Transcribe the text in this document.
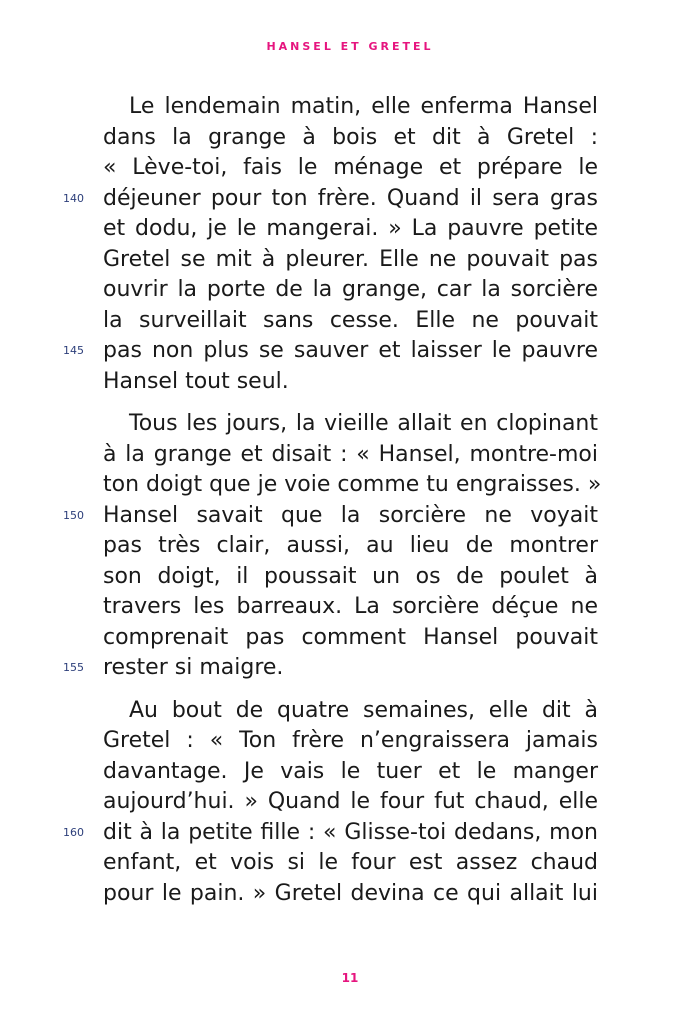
HANSEL ET GRETEL
Le lendemain matin, elle enferma Hansel
dans la grange à bois et dit à Gretel :
« Lève-toi, fais le ménage et prépare le
140 déjeuner pour ton frère. Quand il sera gras
et dodu, je le mangerai. » La pauvre petite
Gretel se mit à pleurer. Elle ne pouvait pas
ouvrir la porte de la grange, car la sorcière
la surveillait sans cesse. Elle ne pouvait
145 pas non plus se sauver et laisser le pauvre
Hansel tout seul.
Tous les jours, la vieille allait en clopinant
à la grange et disait : « Hansel, montre-moi
ton doigt que je voie comme tu engraisses. »
150 Hansel savait que la sorcière ne voyait
pas très clair, aussi, au lieu de montrer
son doigt, il poussait un os de poulet à
travers les barreaux. La sorcière déçue ne
comprenait pas comment Hansel pouvait
155 rester si maigre.
Au bout de quatre semaines, elle dit à
Gretel : « Ton frère n’engraissera jamais
davantage. Je vais le tuer et le manger
aujourd’hui. » Quand le four fut chaud, elle
160 dit à la petite fille : « Glisse-toi dedans, mon
enfant, et vois si le four est assez chaud
pour le pain. » Gretel devina ce qui allait lui
11
